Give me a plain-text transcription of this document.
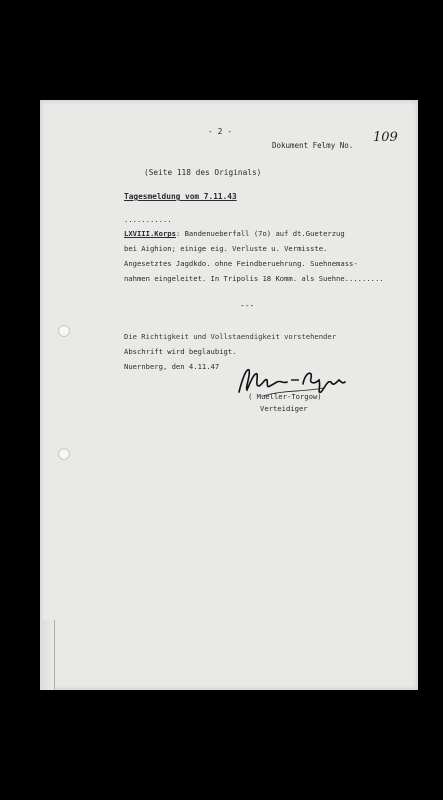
- 2 -
Dokument Felmy No.
109
(Seite 118 des Originals)
Tagesmeldung vom 7.11.43
...........
LXVIII.Korps: Bandenueberfall (7o) auf dt.Gueterzug
bei Aighion; einige eig. Verluste u. Vermisste.
Angesetztes Jagdkdo. ohne Feindberuehrung. Suehnemass-
nahmen eingeleitet. In Tripolis 18 Komm. als Suehne.........
---
Die Richtigkeit und Vollstaendigkeit vorstehender
Abschrift wird beglaubigt.
Nuernberg, den 4.11.47
( Mueller-Torgow)
Verteidiger
